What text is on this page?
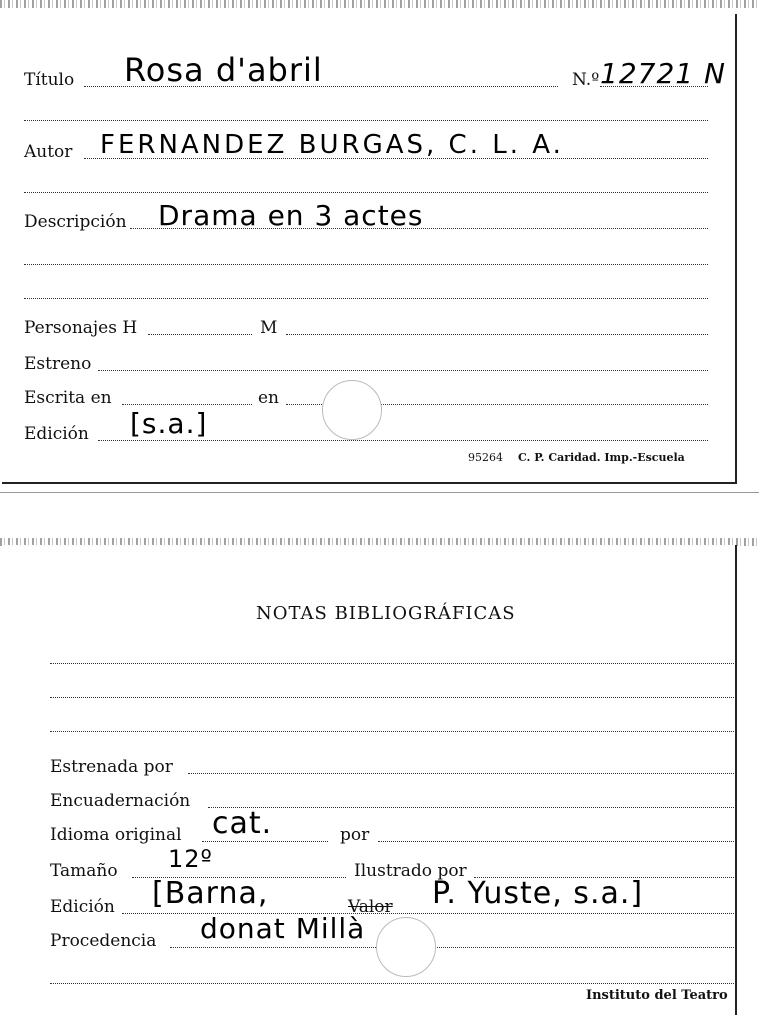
Título Rosa d'abril	N.º 12721 N
Autor FERNANDEZ BURGAS, C. L. A.
Descripción Drama en 3 actes
Personajes H	M
Estreno
Escrita en	en
Edición [s.a.]
95264 C. P. Caridad. Imp.-Escuela
NOTAS BIBLIOGRÁFICAS
Estrenada por
Encuadernación
Idioma original cat.	por
Tamaño 12º	Ilustrado por
Edición [Barna,	Valor P. Yuste, s.a.]
Procedencia donat Millà
Instituto del Teatro
